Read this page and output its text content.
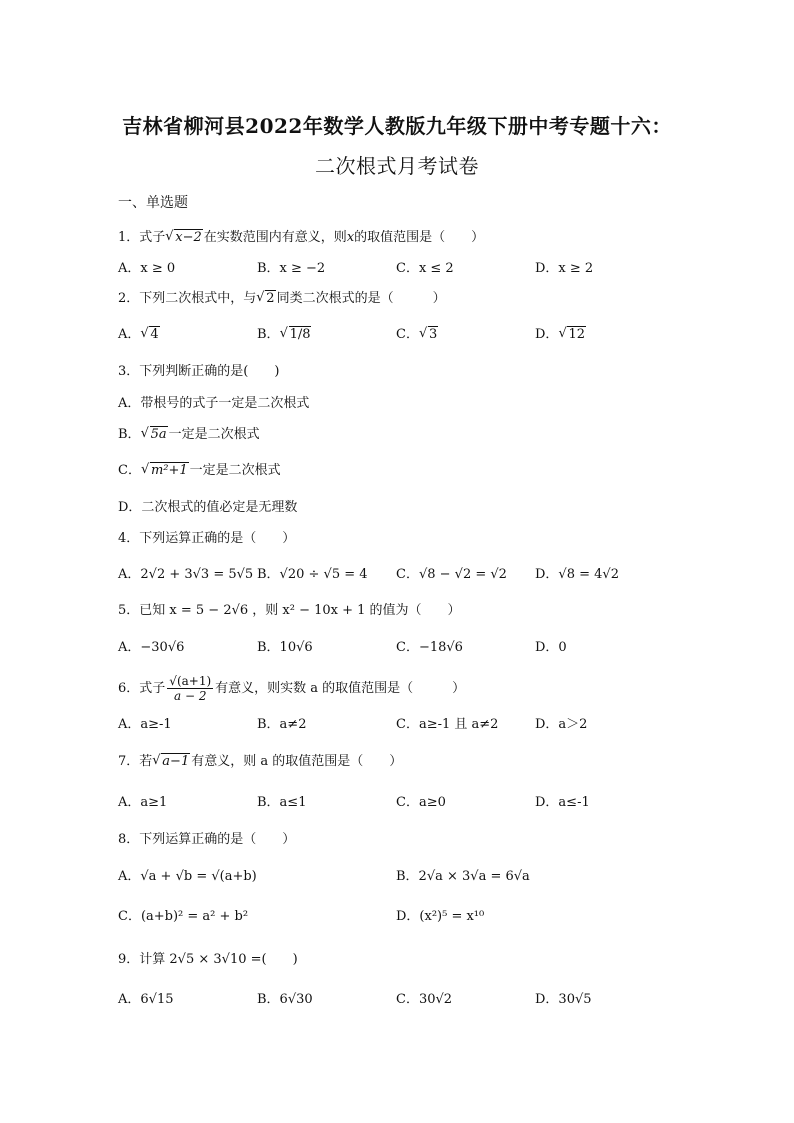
吉林省柳河县2022年数学人教版九年级下册中考专题十六：
二次根式月考试卷
一、单选题
1．式子 √ x−2 在实数范围内有意义，则x的取值范围是（　　）
A．x ≥ 0	B．x ≥ −2	C．x ≤ 2	D．x ≥ 2
2．下列二次根式中，与 √ 2 同类二次根式的是（　　　）
A． √ 4	B． √ 1/8	C． √ 3	D． √ 12
3．下列判断正确的是(　　)
A．带根号的式子一定是二次根式
B． √ 5a 一定是二次根式
C． √ m²+1 一定是二次根式
D．二次根式的值必定是无理数
4．下列运算正确的是（　　）
A．2√2 + 3√3 = 5√5 B．√20 ÷ √5 = 4 C．√8 − √2 = √2 D．√8 = 4√2
5．已知 x = 5 − 2√6 ，则 x² − 10x + 1 的值为（　　）
A．−30√6	B．10√6	C．−18√6	D．0
6．式子 $\frac{√(a+1)}{a - 2}$ 有意义，则实数 a 的取值范围是（　　　）
A．a≥-1	B．a≠2	C．a≥-1 且 a≠2	D．a＞2
7．若 √ a−1 有意义，则 a 的取值范围是（　　）
A．a≥1	B．a≤1	C．a≥0	D．a≤-1
8．下列运算正确的是（　　）
A．√a + √b = √(a+b)	B．2√a × 3√a = 6√a
C．(a+b)² = a² + b²	D．(x²)⁵ = x¹⁰
9．计算 2√5 × 3√10 =(　　)
A．6√15	B．6√30	C．30√2	D．30√5
